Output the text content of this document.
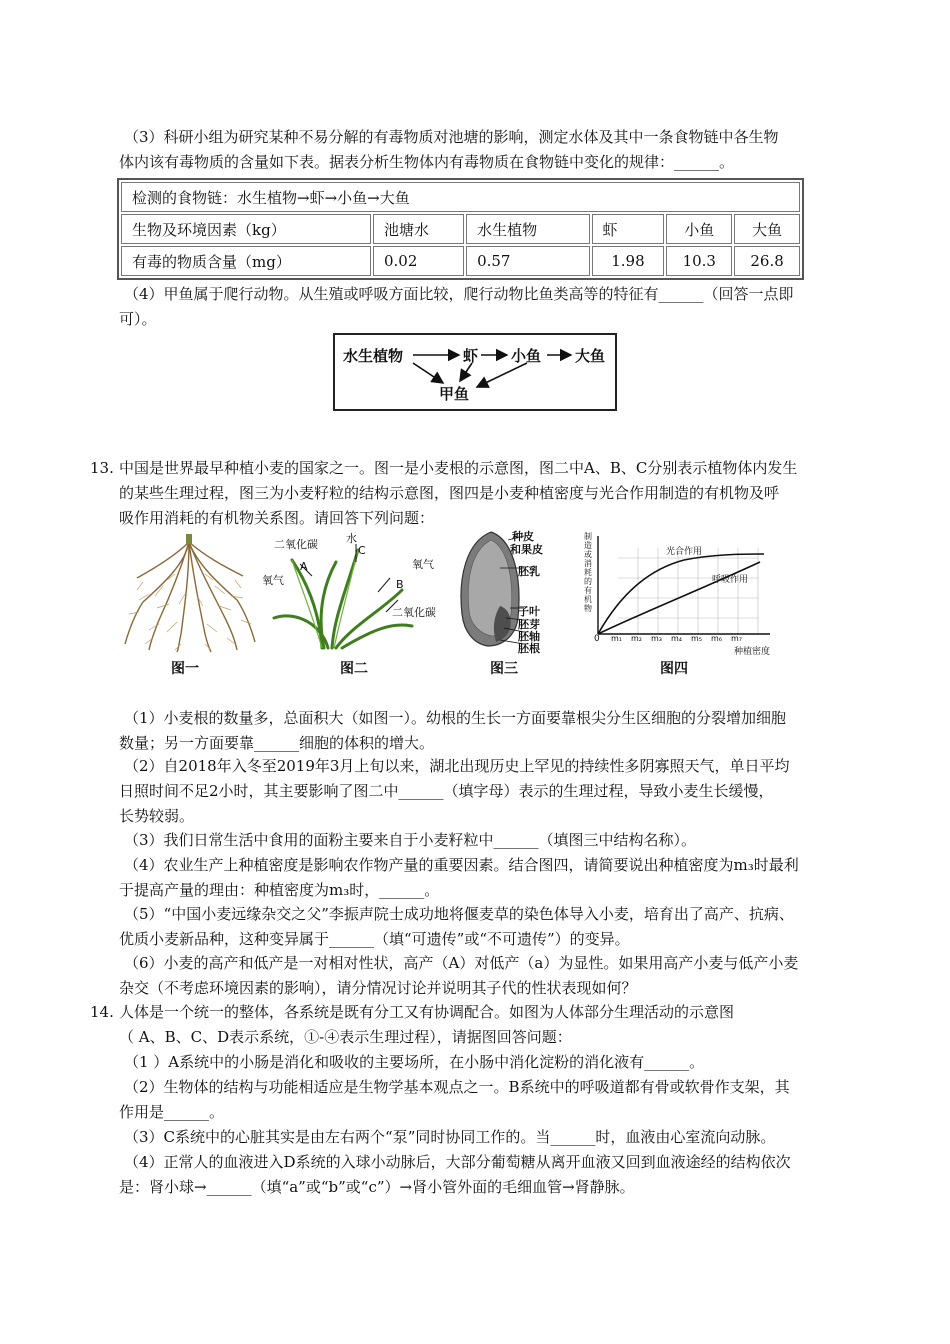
（3）科研小组为研究某种不易分解的有毒物质对池塘的影响，测定水体及其中一条食物链中各生物
体内该有毒物质的含量如下表。据表分析生物体内有毒物质在食物链中变化的规律：______。
检测的食物链：水生植物→虾→小鱼→大鱼					
生物及环境因素（kg）	池塘水	水生植物	虾	小鱼	大鱼
有毒的物质含量（mg）	0.02	0.57	1.98	10.3	26.8
（4）甲鱼属于爬行动物。从生殖或呼吸方面比较，爬行动物比鱼类高等的特征有______（回答一点即
可）。
水生植物	虾 小鱼 大鱼
甲鱼
13. 中国是世界最早种植小麦的国家之一。图一是小麦根的示意图，图二中A、B、C分别表示植物体内发生
的某些生理过程，图三为小麦籽粒的结构示意图，图四是小麦种植密度与光合作用制造的有机物及呼
吸作用消耗的有机物关系图。请回答下列问题：
图一
二氧化碳	水
C
氧气
A	氧气
B
二氧化碳
图二
种皮
和果皮
胚乳
子叶
胚芽
胚轴
胚根
图三
制造或消耗的有机物
光合作用
呼吸作用
0 m₁ m₂ m₃ m₄ m₅ m₆ m₇
种植密度
图四
（1）小麦根的数量多，总面积大（如图一）。幼根的生长一方面要靠根尖分生区细胞的分裂增加细胞
数量；另一方面要靠______细胞的体积的增大。
（2）自2018年入冬至2019年3月上旬以来，湖北出现历史上罕见的持续性多阴寡照天气，单日平均
日照时间不足2小时，其主要影响了图二中______（填字母）表示的生理过程，导致小麦生长缓慢，
长势较弱。
（3）我们日常生活中食用的面粉主要来自于小麦籽粒中______（填图三中结构名称）。
（4）农业生产上种植密度是影响农作物产量的重要因素。结合图四，请简要说出种植密度为m₃时最利
于提高产量的理由：种植密度为m₃时，______。
（5）“中国小麦远缘杂交之父”李振声院士成功地将偃麦草的染色体导入小麦，培育出了高产、抗病、
优质小麦新品种，这种变异属于______（填“可遗传”或“不可遗传”）的变异。
（6）小麦的高产和低产是一对相对性状，高产（A）对低产（a）为显性。如果用高产小麦与低产小麦
杂交（不考虑环境因素的影响），请分情况讨论并说明其子代的性状表现如何？
14. 人体是一个统一的整体，各系统是既有分工又有协调配合。如图为人体部分生理活动的示意图
（ A、B、C、D表示系统，①-④表示生理过程），请据图回答问题：
（1 ）A系统中的小肠是消化和吸收的主要场所，在小肠中消化淀粉的消化液有______。
（2）生物体的结构与功能相适应是生物学基本观点之一。B系统中的呼吸道都有骨或软骨作支架，其
作用是______。
（3）C系统中的心脏其实是由左右两个“泵”同时协同工作的。当______时，血液由心室流向动脉。
（4）正常人的血液进入D系统的入球小动脉后，大部分葡萄糖从离开血液又回到血液途经的结构依次
是：肾小球→______（填“a”或“b”或“c”）→肾小管外面的毛细血管→肾静脉。
